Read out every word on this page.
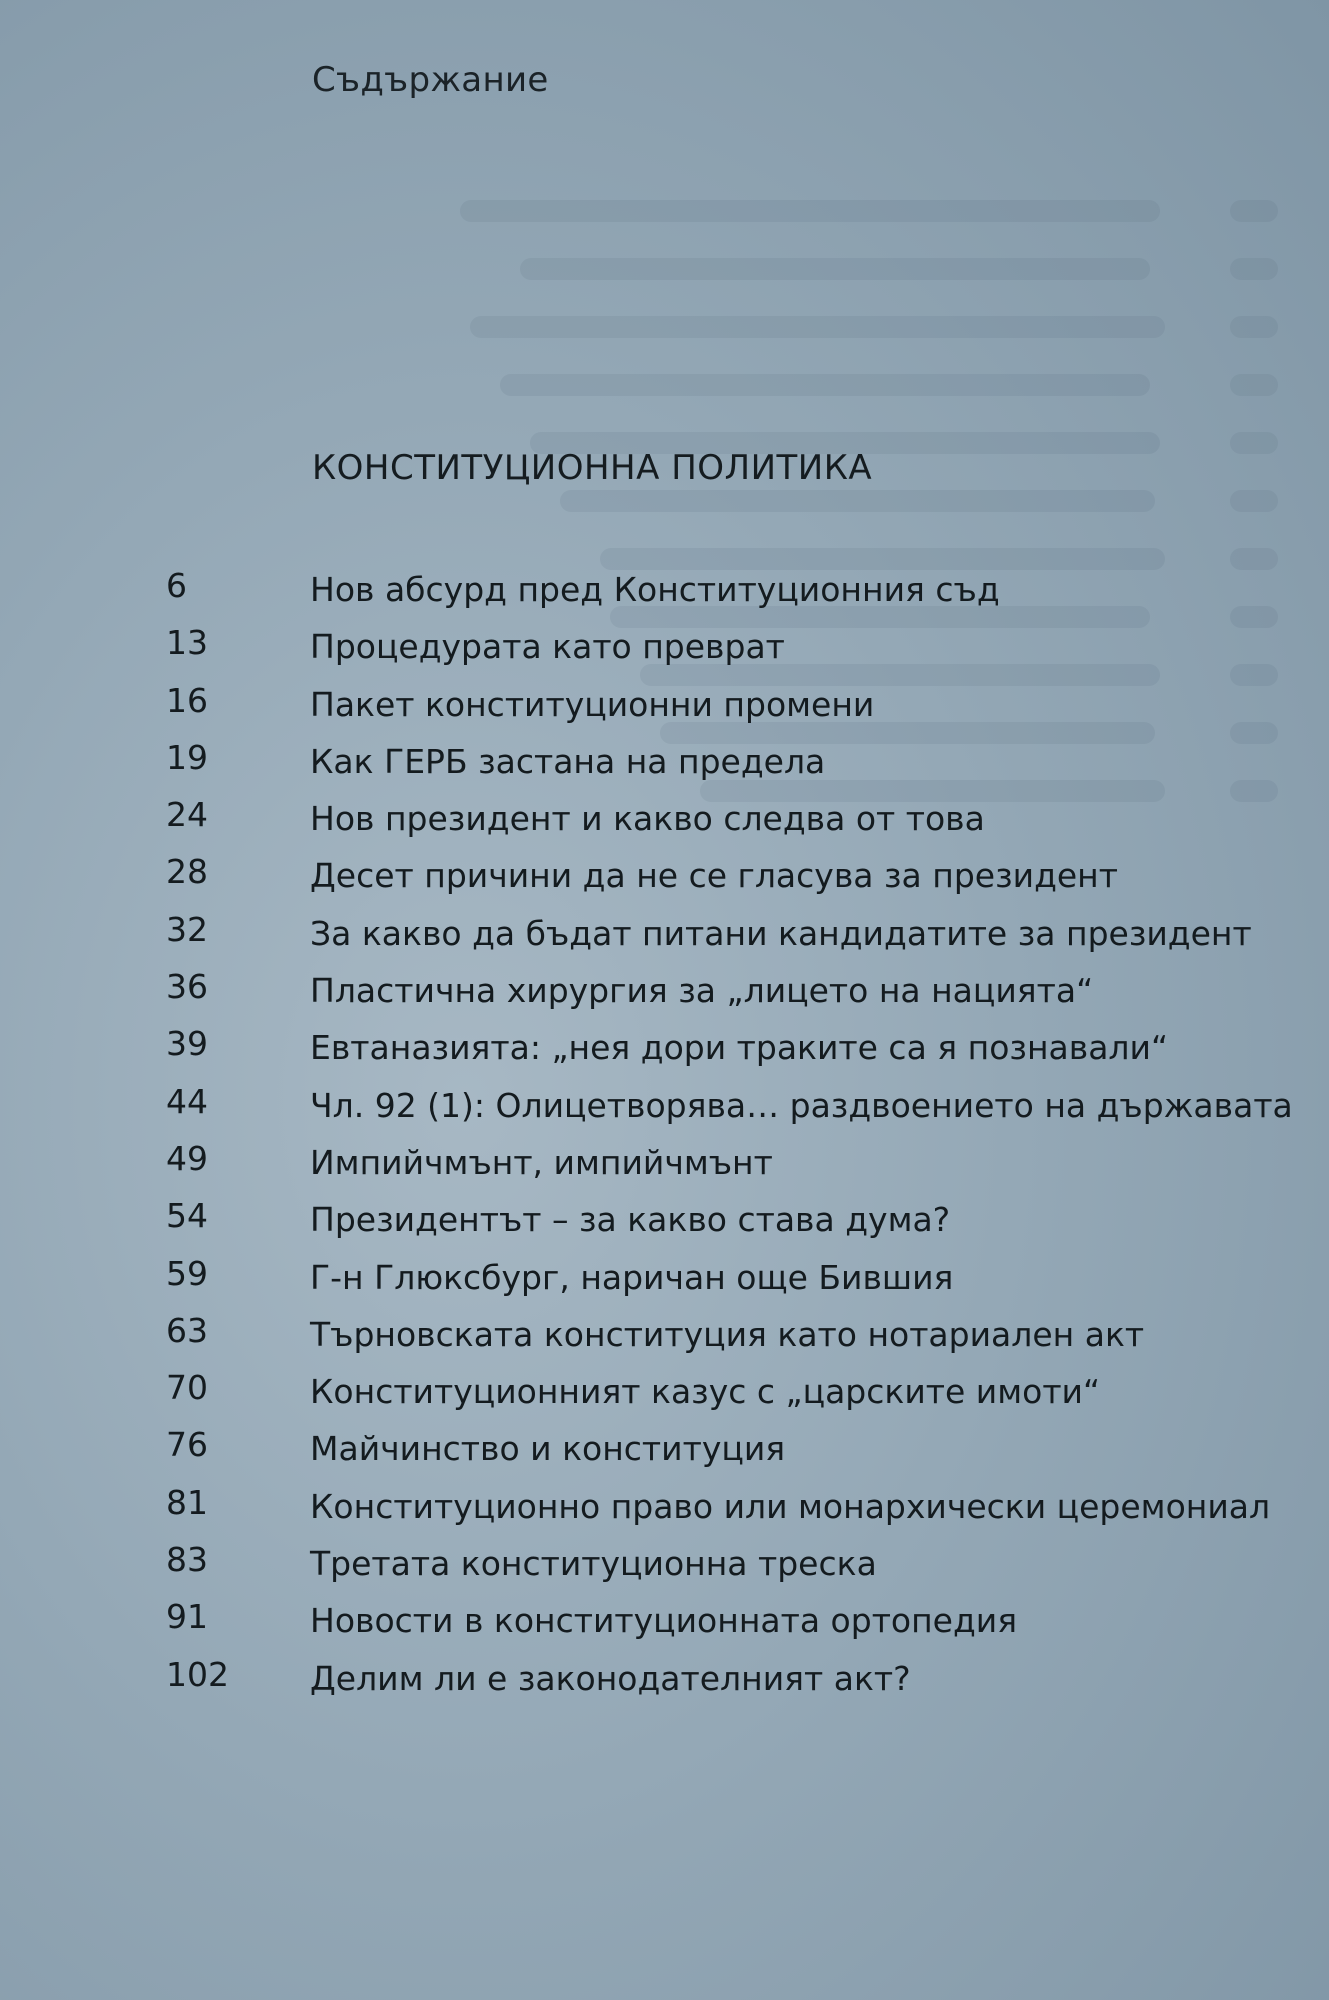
Съдържание
КОНСТИТУЦИОННА ПОЛИТИКА
6	Нов абсурд пред Конституционния съд
13	Процедурата като преврат
16	Пакет конституционни промени
19	Как ГЕРБ застана на предела
24	Нов президент и какво следва от това
28	Десет причини да не се гласува за президент
32	За какво да бъдат питани кандидатите за президент
36	Пластична хирургия за „лицето на нацията“
39	Евтаназията: „нея дори траките са я познавали“
44	Чл. 92 (1): Олицетворява… раздвоението на държавата
49	Импийчмънт, импийчмънт
54	Президентът – за какво става дума?
59	Г-н Глюксбург, наричан още Бившия
63	Търновската конституция като нотариален акт
70	Конституционният казус с „царските имоти“
76	Майчинство и конституция
81	Конституционно право или монархически церемониал
83	Третата конституционна треска
91	Новости в конституционната ортопедия
102	Делим ли е законодателният акт?
